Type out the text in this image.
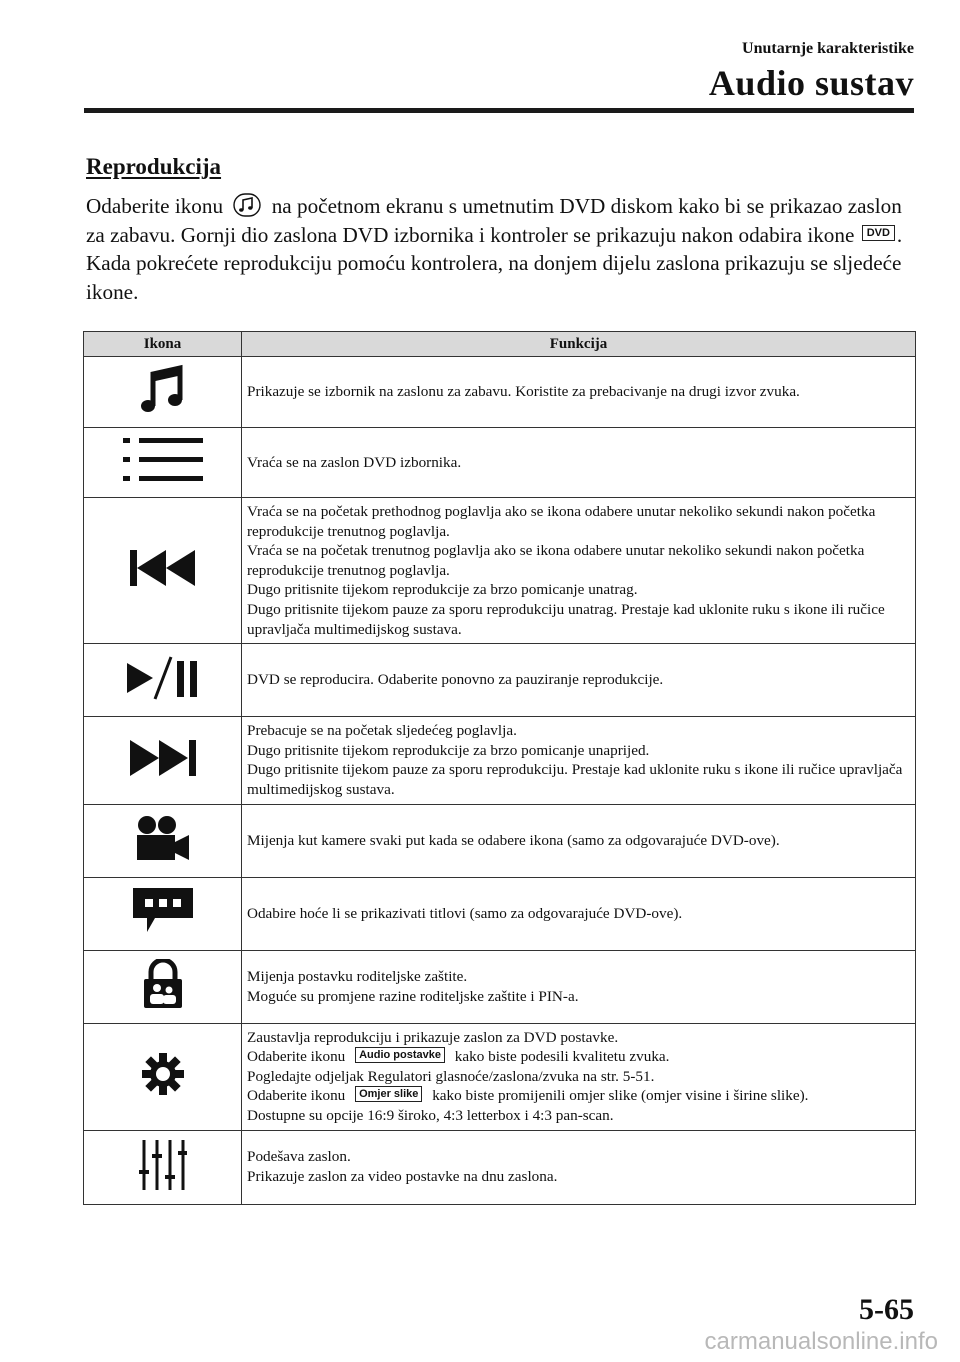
Unutarnje karakteristike
Audio sustav
Reprodukcija

Odaberite ikonu na početnom ekranu s umetnutim DVD diskom kako bi se prikazao zaslon za zabavu. Gornji dio zaslona DVD izbornika i kontroler se prikazuju nakon odabira ikone DVD .

Kada pokrećete reprodukciju pomoću kontrolera, na donjem dijelu zaslona prikazuju se sljedeće ikone.

Ikona	Funkcija

Prikazuje se izbornik na zaslonu za zabavu. Koristite za prebacivanje na drugi izvor zvuka.

Vraća se na zaslon DVD izbornika.

Vraća se na početak prethodnog poglavlja ako se ikona odabere unutar nekoliko sekundi nakon početka reprodukcije trenutnog poglavlja.
Vraća se na početak trenutnog poglavlja ako se ikona odabere unutar nekoliko sekundi nakon početka reprodukcije trenutnog poglavlja.
Dugo pritisnite tijekom reprodukcije za brzo pomicanje unatrag.
Dugo pritisnite tijekom pauze za sporu reprodukciju unatrag. Prestaje kad uklonite ruku s ikone ili ručice upravljača multimedijskog sustava.

DVD se reproducira. Odaberite ponovno za pauziranje reprodukcije.

Prebacuje se na početak sljedećeg poglavlja.
Dugo pritisnite tijekom reprodukcije za brzo pomicanje unaprijed.
Dugo pritisnite tijekom pauze za sporu reprodukciju. Prestaje kad uklonite ruku s ikone ili ručice upravljača multimedijskog sustava.

Mijenja kut kamere svaki put kada se odabere ikona (samo za odgovarajuće DVD-ove).

Odabire hoće li se prikazivati titlovi (samo za odgovarajuće DVD-ove).

Mijenja postavku roditeljske zaštite.
Moguće su promjene razine roditeljske zaštite i PIN-a.

Zaustavlja reprodukciju i prikazuje zaslon za DVD postavke.
Odaberite ikonu Audio postavke kako biste podesili kvalitetu zvuka.
Pogledajte odjeljak Regulatori glasnoće/zaslona/zvuka na str. 5-51.
Odaberite ikonu Omjer slike kako biste promijenili omjer slike (omjer visine i širine slike).
Dostupne su opcije 16:9 široko, 4:3 letterbox i 4:3 pan-scan.

Podešava zaslon.
Prikazuje zaslon za video postavke na dnu zaslona.
5-65
carmanualsonline.info
